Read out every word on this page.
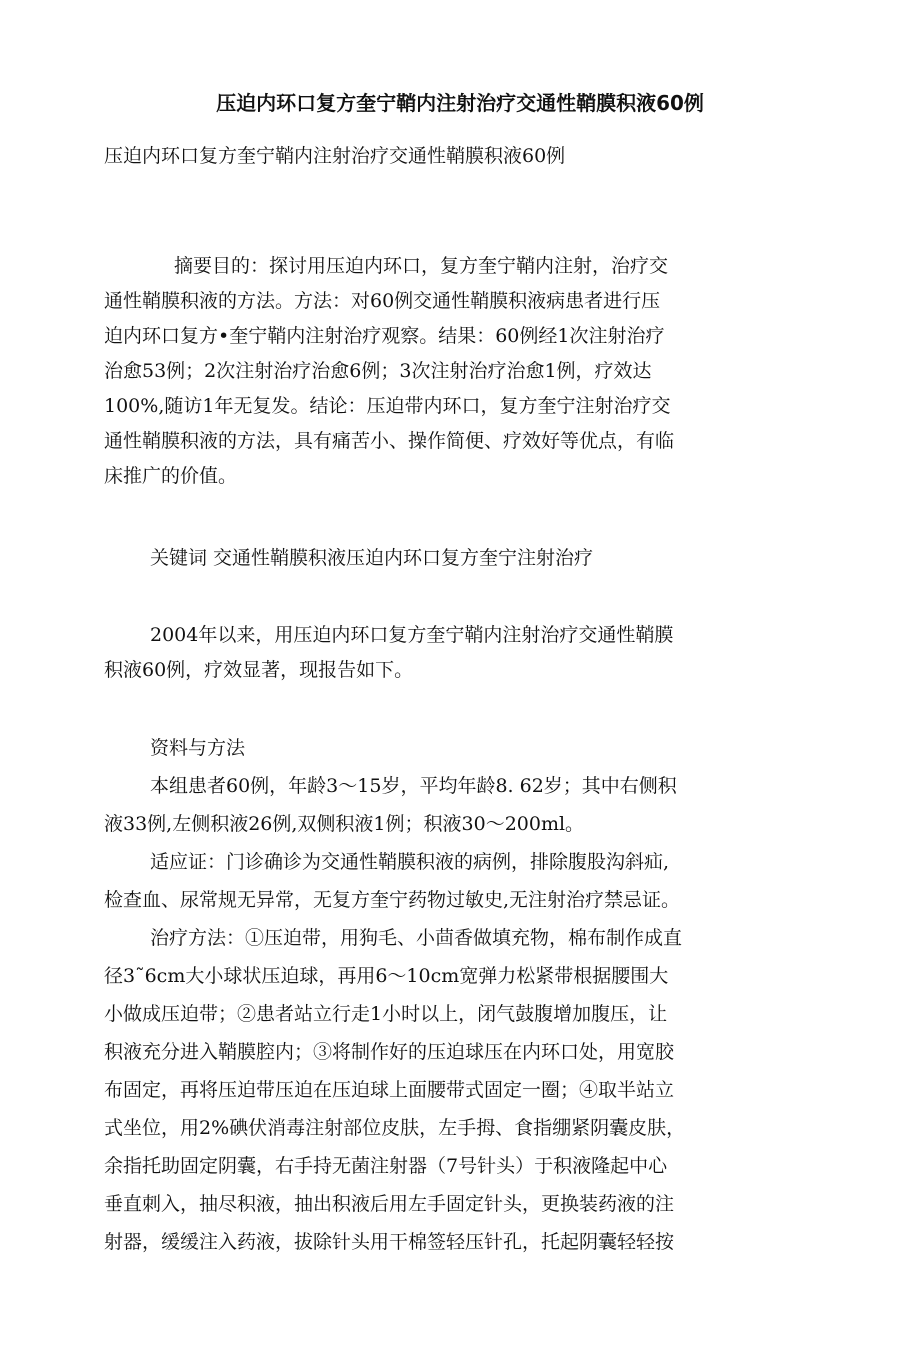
压迫内环口复方奎宁鞘内注射治疗交通性鞘膜积液60例
压迫内环口复方奎宁鞘内注射治疗交通性鞘膜积液60例
摘要目的：探讨用压迫内环口，复方奎宁鞘内注射，治疗交
通性鞘膜积液的方法。方法：对60例交通性鞘膜积液病患者进行压
迫内环口复方•奎宁鞘内注射治疗观察。结果：60例经1次注射治疗
治愈53例；2次注射治疗治愈6例；3次注射治疗治愈1例，疗效达
100%,随访1年无复发。结论：压迫带内环口，复方奎宁注射治疗交
通性鞘膜积液的方法，具有痛苦小、操作简便、疗效好等优点，有临
床推广的价值。
关键词 交通性鞘膜积液压迫内环口复方奎宁注射治疗
2004年以来，用压迫内环口复方奎宁鞘内注射治疗交通性鞘膜
积液60例，疗效显著，现报告如下。
资料与方法
本组患者60例，年龄3～15岁，平均年龄8. 62岁；其中右侧积
液33例,左侧积液26例,双侧积液1例；积液30～200ml。
适应证：门诊确诊为交通性鞘膜积液的病例，排除腹股沟斜疝,
检查血、尿常规无异常，无复方奎宁药物过敏史,无注射治疗禁忌证。
治疗方法：①压迫带，用狗毛、小茴香做填充物，棉布制作成直
径3˜6cm大小球状压迫球，再用6～10cm宽弹力松紧带根据腰围大
小做成压迫带；②患者站立行走1小时以上，闭气鼓腹增加腹压，让
积液充分进入鞘膜腔内；③将制作好的压迫球压在内环口处，用宽胶
布固定，再将压迫带压迫在压迫球上面腰带式固定一圈；④取半站立
式坐位，用2%碘伏消毒注射部位皮肤，左手拇、食指绷紧阴囊皮肤，
余指托助固定阴囊，右手持无菌注射器（7号针头）于积液隆起中心
垂直刺入，抽尽积液，抽出积液后用左手固定针头，更换装药液的注
射器，缓缓注入药液，拔除针头用干棉签轻压针孔，托起阴囊轻轻按
